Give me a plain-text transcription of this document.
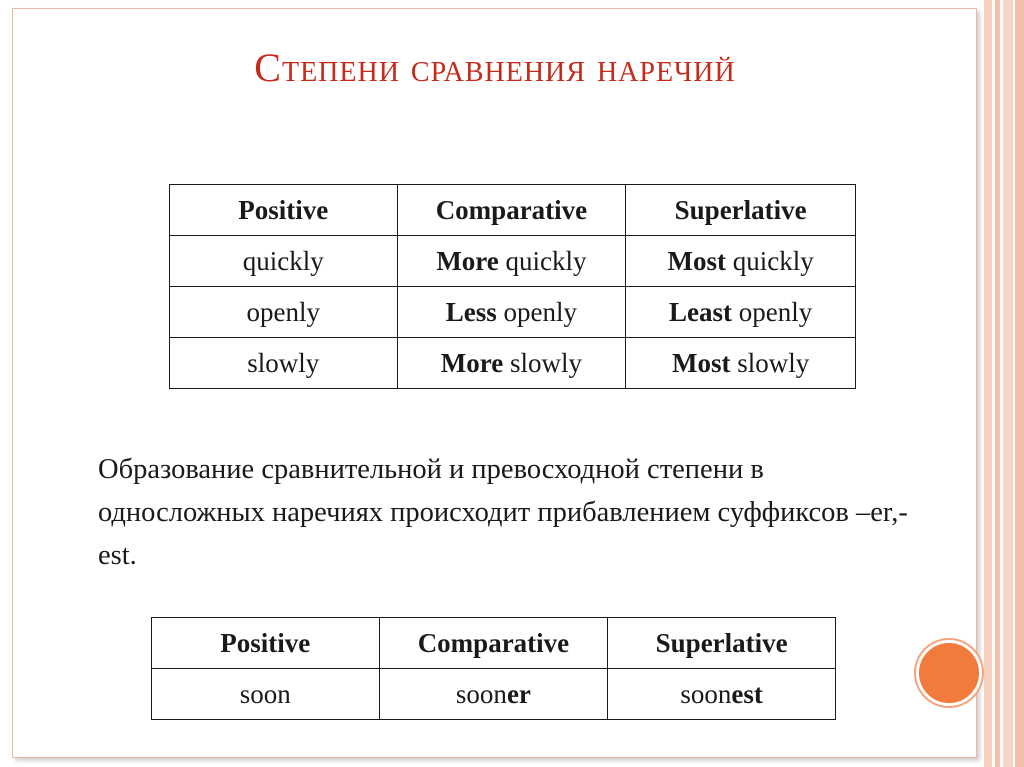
Степени сравнения наречий
Positive	Comparative	Superlative
quickly	More quickly	Most quickly
openly	Less openly	Least openly
slowly	More slowly	Most slowly
Образование сравнительной и превосходной степени в односложных наречиях происходит прибавлением суффиксов –er,-est.
Positive	Comparative	Superlative
soon	sooner	soonest
